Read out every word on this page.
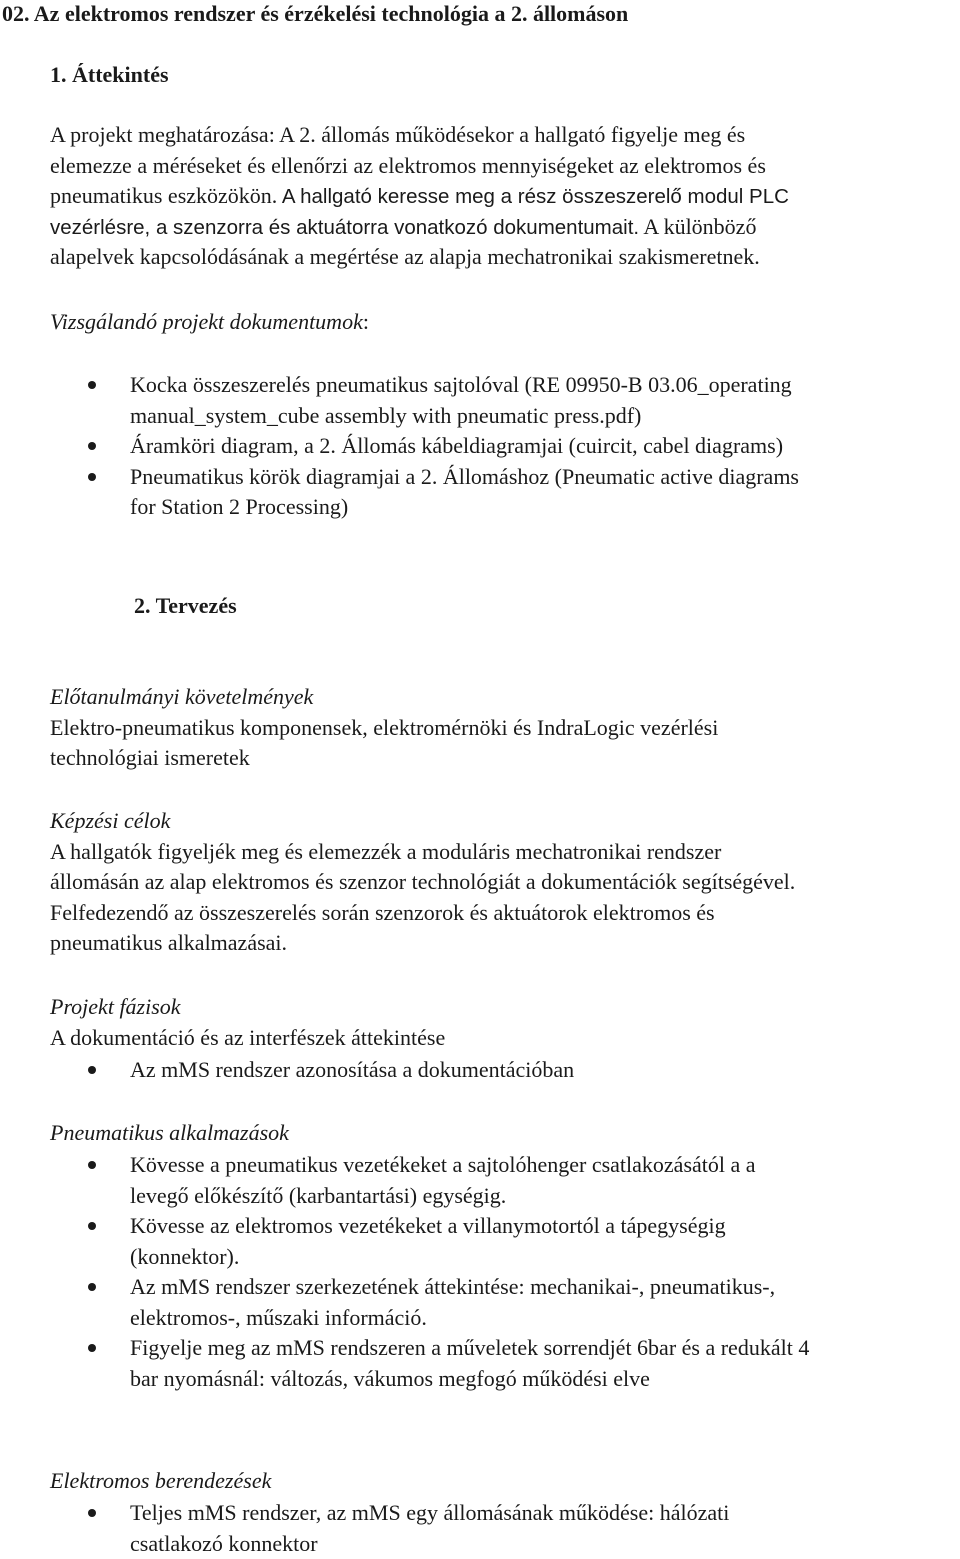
02. Az elektromos rendszer és érzékelési technológia a 2. állomáson
1. Áttekintés
A projekt meghatározása: A 2. állomás működésekor a hallgató figyelje meg és
elemezze a méréseket és ellenőrzi az elektromos mennyiségeket az elektromos és
pneumatikus eszközökön. A hallgató keresse meg a rész összeszerelő modul PLC
vezérlésre, a szenzorra és aktuátorra vonatkozó dokumentumait. A különböző
alapelvek kapcsolódásának a megértése az alapja mechatronikai szakismeretnek.
Vizsgálandó projekt dokumentumok:
Kocka összeszerelés pneumatikus sajtolóval (RE 09950-B 03.06_operating
manual_system_cube assembly with pneumatic press.pdf)
Áramköri diagram, a 2. Állomás kábeldiagramjai (cuircit, cabel diagrams)
Pneumatikus körök diagramjai a 2. Állomáshoz (Pneumatic active diagrams
for Station 2 Processing)
2. Tervezés
Előtanulmányi követelmények
Elektro-pneumatikus komponensek, elektromérnöki és IndraLogic vezérlési
technológiai ismeretek
Képzési célok
A hallgatók figyeljék meg és elemezzék a moduláris mechatronikai rendszer
állomásán az alap elektromos és szenzor technológiát a dokumentációk segítségével.
Felfedezendő az összeszerelés során szenzorok és aktuátorok elektromos és
pneumatikus alkalmazásai.
Projekt fázisok
A dokumentáció és az interfészek áttekintése
Az mMS rendszer azonosítása a dokumentációban
Pneumatikus alkalmazások
Kövesse a pneumatikus vezetékeket a sajtolóhenger csatlakozásától a a
levegő előkészítő (karbantartási) egységig.
Kövesse az elektromos vezetékeket a villanymotortól a tápegységig
(konnektor).
Az mMS rendszer szerkezetének áttekintése: mechanikai-, pneumatikus-,
elektromos-, műszaki információ.
Figyelje meg az mMS rendszeren a műveletek sorrendjét 6bar és a redukált 4
bar nyomásnál: változás, vákumos megfogó működési elve
Elektromos berendezések
Teljes mMS rendszer, az mMS egy állomásának működése: hálózati
csatlakozó konnektor
